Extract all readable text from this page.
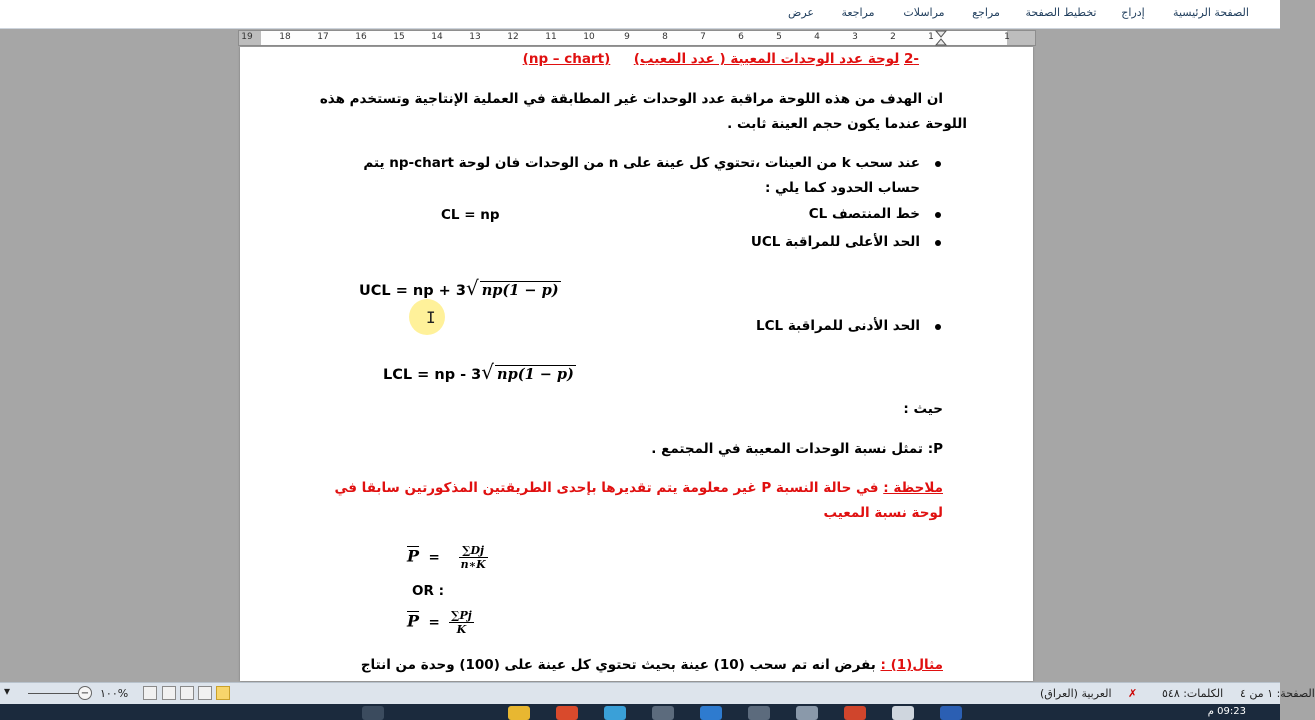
الصفحة الرئيسية
إدراج
تخطيط الصفحة
مراجع
مراسلات
مراجعة
عرض
19	18	17	16	15	14	13	12	11	10	9	8	7	6	5	4	3	2	1	1
-2 لوحة عدد الوحدات المعيبة ( عدد المعيب)     (np – chart)
ان الهدف من هذه اللوحة مراقبة عدد الوحدات غير المطابقة في العملية الإنتاجية وتستخدم هذه
اللوحة عندما يكون حجم العينة ثابت .
عند سحب k من العينات ،تحتوي كل عينة على n من الوحدات فان لوحة np-chart يتم
حساب الحدود كما يلي :
خط المنتصف CL
CL = np
الحد الأعلى للمراقبة UCL
UCL = np + 3√ np(1 − p)
الحد الأدنى للمراقبة LCL
LCL = np - 3√ np(1 − p)
حيث :
P: تمثل نسبة الوحدات المعيبة في المجتمع .
ملاحظة : في حالة النسبة P غير معلومة يتم تقديرها بإحدى الطريقتين المذكورتين سابقا في
لوحة نسبة المعيب
$\overline{P} = \frac{\sum Dj}{n∗K}$
OR :
$\overline{P} = \frac{\sum Pj}{K}$
مثال(1) : بفرض انه تم سحب (10) عينة بحيث تحتوي كل عينة على (100) وحدة من انتاج
I
▾	− ١٠٠%	العربية (العراق) ✗ الكلمات: ٥٤٨ الصفحة: ١ من ٤
09:23 م
